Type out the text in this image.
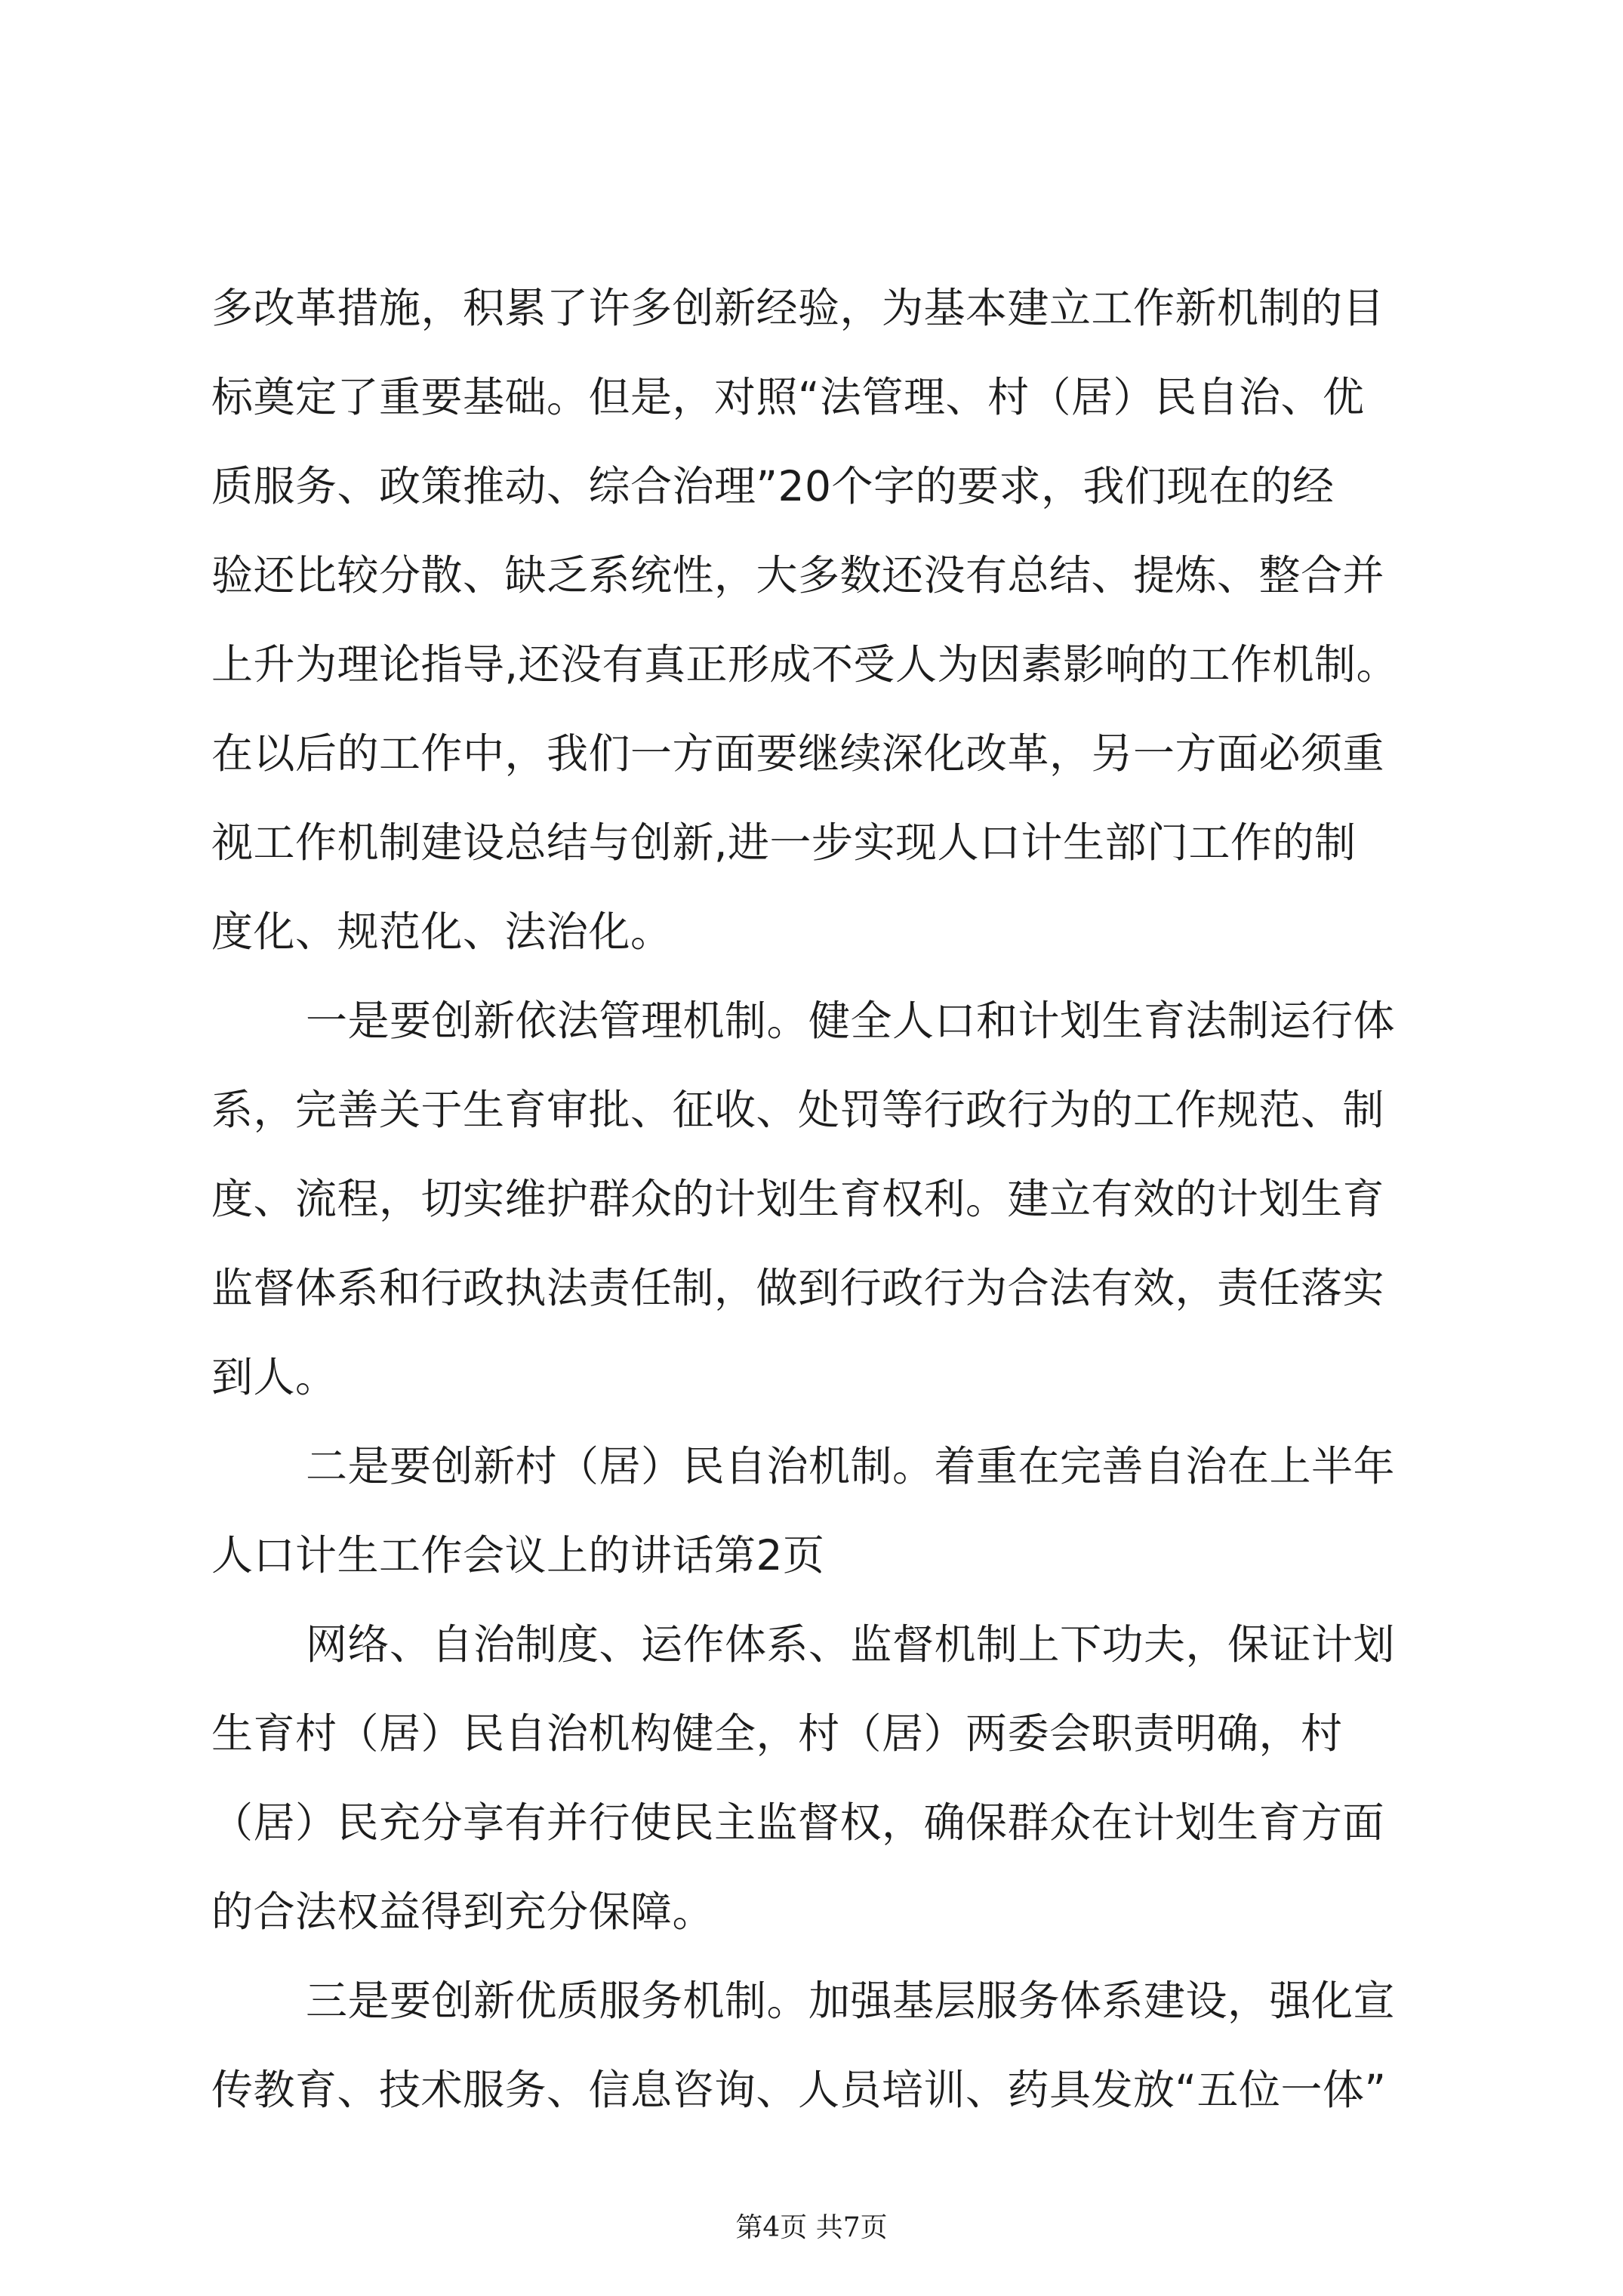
多改革措施，积累了许多创新经验，为基本建立工作新机制的目
标奠定了重要基础。但是，对照“法管理、村（居）民自治、优
质服务、政策推动、综合治理”20个字的要求，我们现在的经
验还比较分散、缺乏系统性，大多数还没有总结、提炼、整合并
上升为理论指导,还没有真正形成不受人为因素影响的工作机制。
在以后的工作中，我们一方面要继续深化改革，另一方面必须重
视工作机制建设总结与创新,进一步实现人口计生部门工作的制
度化、规范化、法治化。
一是要创新依法管理机制。健全人口和计划生育法制运行体
系，完善关于生育审批、征收、处罚等行政行为的工作规范、制
度、流程，切实维护群众的计划生育权利。建立有效的计划生育
监督体系和行政执法责任制，做到行政行为合法有效，责任落实
到人。
二是要创新村（居）民自治机制。着重在完善自治在上半年
人口计生工作会议上的讲话第2页
网络、自治制度、运作体系、监督机制上下功夫，保证计划
生育村（居）民自治机构健全，村（居）两委会职责明确，村
（居）民充分享有并行使民主监督权，确保群众在计划生育方面
的合法权益得到充分保障。
三是要创新优质服务机制。加强基层服务体系建设，强化宣
传教育、技术服务、信息咨询、人员培训、药具发放“五位一体”
第4页 共7页
